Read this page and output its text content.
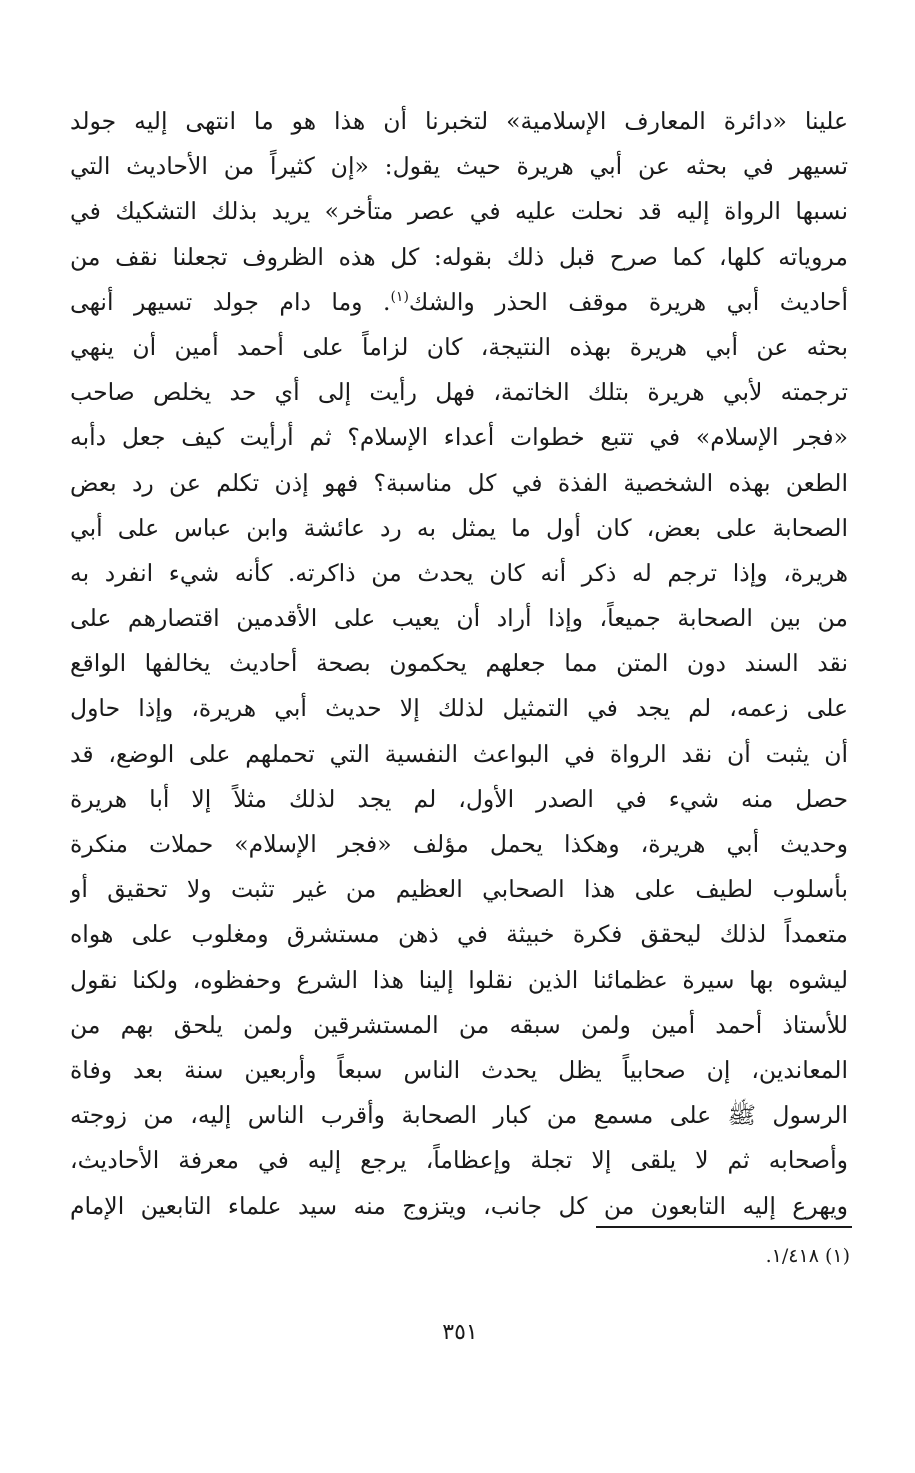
علينا «دائرة المعارف الإسلامية» لتخبرنا أن هذا هو ما انتهى إليه جولد
تسيهر في بحثه عن أبي هريرة حيث يقول: «إن كثيراً من الأحاديث التي
نسبها الرواة إليه قد نحلت عليه في عصر متأخر» يريد بذلك التشكيك في
مروياته كلها، كما صرح قبل ذلك بقوله: كل هذه الظروف تجعلنا نقف من
أحاديث أبي هريرة موقف الحذر والشك$^{(١)}$. وما دام جولد تسيهر أنهى
بحثه عن أبي هريرة بهذه النتيجة، كان لزاماً على أحمد أمين أن ينهي
ترجمته لأبي هريرة بتلك الخاتمة، فهل رأيت إلى أي حد يخلص صاحب
«فجر الإسلام» في تتبع خطوات أعداء الإسلام؟ ثم أرأيت كيف جعل دأبه
الطعن بهذه الشخصية الفذة في كل مناسبة؟ فهو إذن تكلم عن رد بعض
الصحابة على بعض، كان أول ما يمثل به رد عائشة وابن عباس على أبي
هريرة، وإذا ترجم له ذكر أنه كان يحدث من ذاكرته. كأنه شيء انفرد به
من بين الصحابة جميعاً، وإذا أراد أن يعيب على الأقدمين اقتصارهم على
نقد السند دون المتن مما جعلهم يحكمون بصحة أحاديث يخالفها الواقع
على زعمه، لم يجد في التمثيل لذلك إلا حديث أبي هريرة، وإذا حاول
أن يثبت أن نقد الرواة في البواعث النفسية التي تحملهم على الوضع، قد
حصل منه شيء في الصدر الأول، لم يجد لذلك مثلاً إلا أبا هريرة
وحديث أبي هريرة، وهكذا يحمل مؤلف «فجر الإسلام» حملات منكرة
بأسلوب لطيف على هذا الصحابي العظيم من غير تثبت ولا تحقيق أو
متعمداً لذلك ليحقق فكرة خبيثة في ذهن مستشرق ومغلوب على هواه
ليشوه بها سيرة عظمائنا الذين نقلوا إلينا هذا الشرع وحفظوه، ولكنا نقول
للأستاذ أحمد أمين ولمن سبقه من المستشرقين ولمن يلحق بهم من
المعاندين، إن صحابياً يظل يحدث الناس سبعاً وأربعين سنة بعد وفاة
الرسول ﷺ على مسمع من كبار الصحابة وأقرب الناس إليه، من زوجته
وأصحابه ثم لا يلقى إلا تجلة وإعظاماً، يرجع إليه في معرفة الأحاديث،
ويهرع إليه التابعون من كل جانب، ويتزوج منه سيد علماء التابعين الإمام
(١) ١/٤١٨.
٣٥١
